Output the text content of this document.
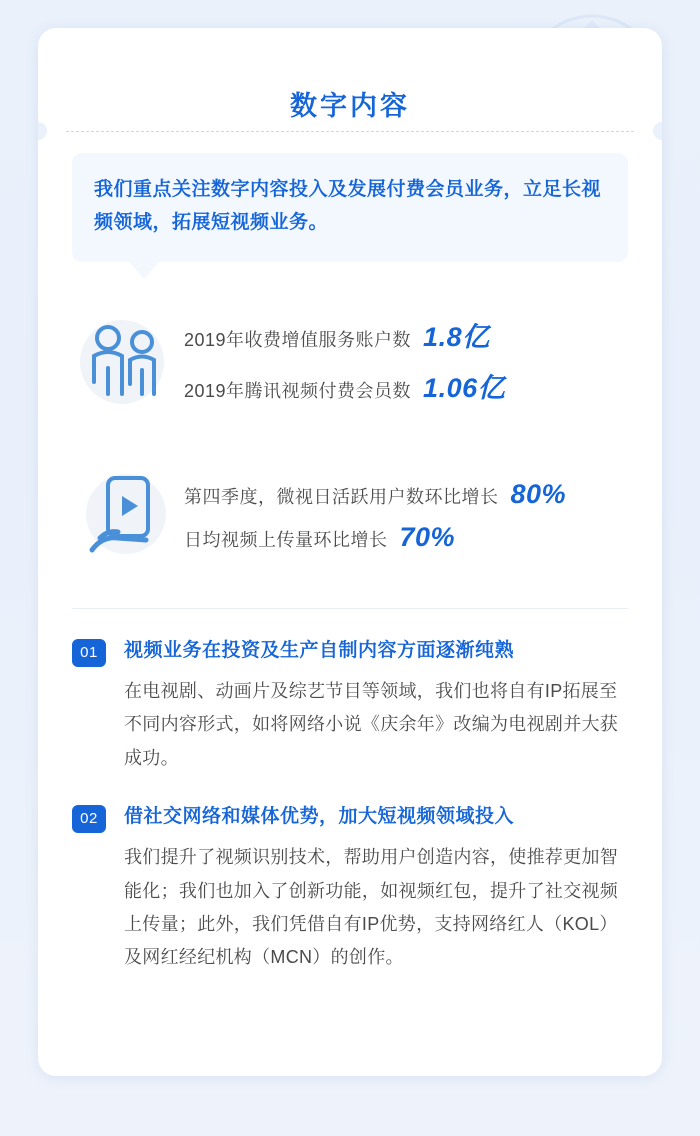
数字内容
我们重点关注数字内容投入及发展付费会员业务，立足长视频领域，拓展短视频业务。
2019年收费增值服务账户数 1.8亿
2019年腾讯视频付费会员数 1.06亿
第四季度，微视日活跃用户数环比增长 80%
日均视频上传量环比增长 70%
01	视频业务在投资及生产自制内容方面逐渐纯熟
在电视剧、动画片及综艺节目等领域，我们也将自有IP拓展至不同内容形式，如将网络小说《庆余年》改编为电视剧并大获成功。
02	借社交网络和媒体优势，加大短视频领域投入
我们提升了视频识别技术，帮助用户创造内容，使推荐更加智能化；我们也加入了创新功能，如视频红包，提升了社交视频上传量；此外，我们凭借自有IP优势，支持网络红人（KOL）及网红经纪机构（MCN）的创作。
